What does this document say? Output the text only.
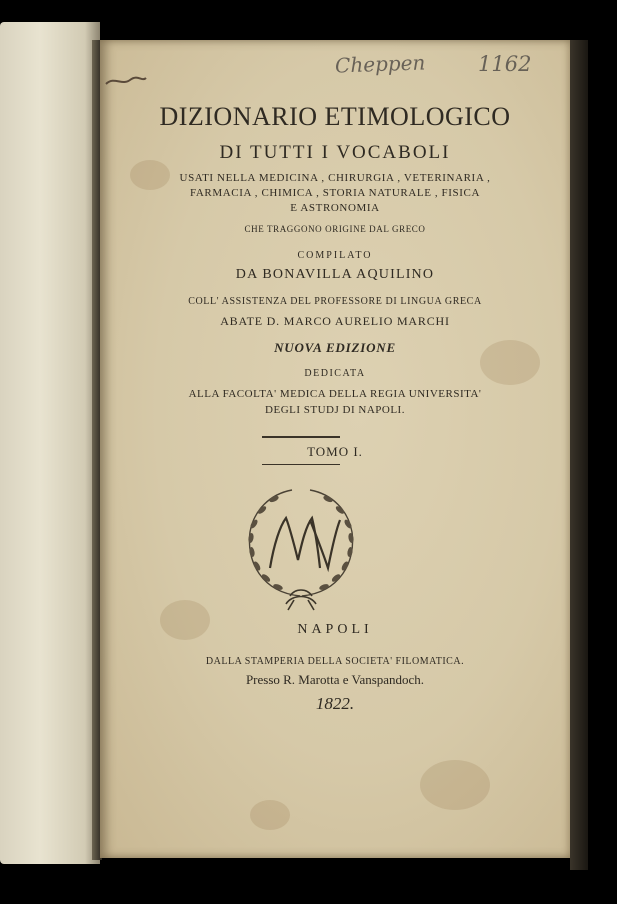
Cheppen 1162
DIZIONARIO ETIMOLOGICO
DI TUTTI I VOCABOLI
USATI NELLA MEDICINA , CHIRURGIA , VETERINARIA ,
FARMACIA , CHIMICA , STORIA NATURALE , FISICA
E ASTRONOMIA
CHE TRAGGONO ORIGINE DAL GRECO
COMPILATO
DA BONAVILLA AQUILINO
COLL' ASSISTENZA DEL PROFESSORE DI LINGUA GRECA
ABATE D. MARCO AURELIO MARCHI
NUOVA EDIZIONE
DEDICATA
ALLA FACOLTA' MEDICA DELLA REGIA UNIVERSITA'
DEGLI STUDJ DI NAPOLI.
TOMO I.
NAPOLI
DALLA STAMPERIA DELLA SOCIETA' FILOMATICA.
Presso R. Marotta e Vanspandoch.
1822.
